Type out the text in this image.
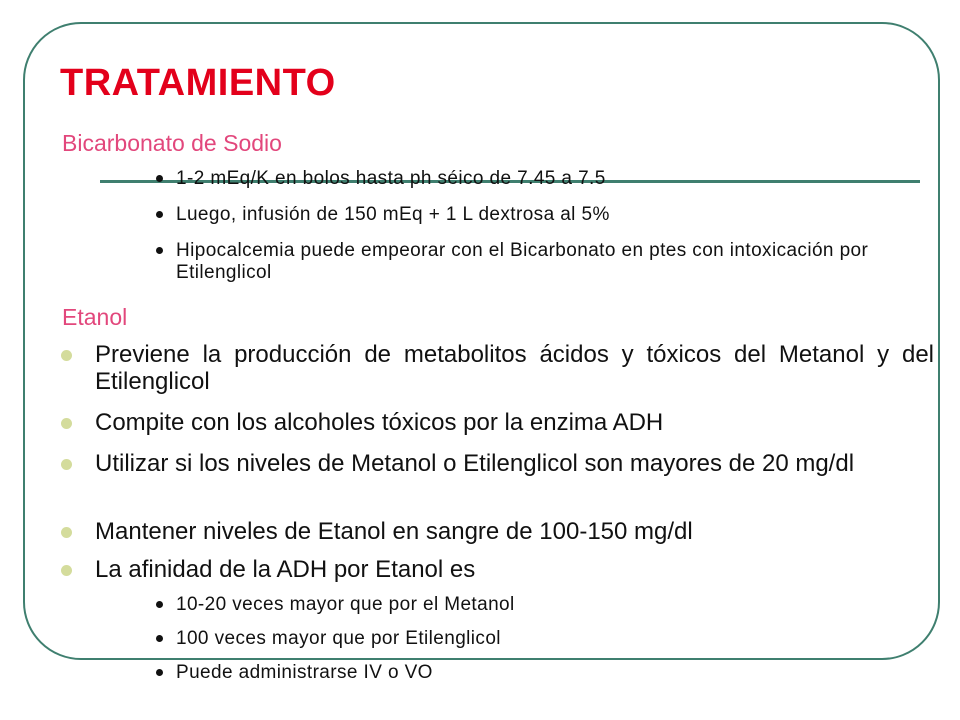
TRATAMIENTO
Bicarbonato de Sodio
1-2 mEq/K en bolos hasta ph séico de 7.45 a 7.5
Luego, infusión de 150 mEq + 1 L dextrosa al 5%
Hipocalcemia puede empeorar con el Bicarbonato en ptes con intoxicación por Etilenglicol
Etanol
Previene la producción de metabolitos ácidos y tóxicos del Metanol y del Etilenglicol
Compite con los alcoholes tóxicos por la enzima ADH
Utilizar si los niveles de Metanol o Etilenglicol son mayores de 20 mg/dl
Mantener niveles de Etanol en sangre de 100-150 mg/dl
La afinidad de la ADH por Etanol es
10-20 veces mayor que por el Metanol
100 veces mayor que por Etilenglicol
Puede administrarse IV o VO
